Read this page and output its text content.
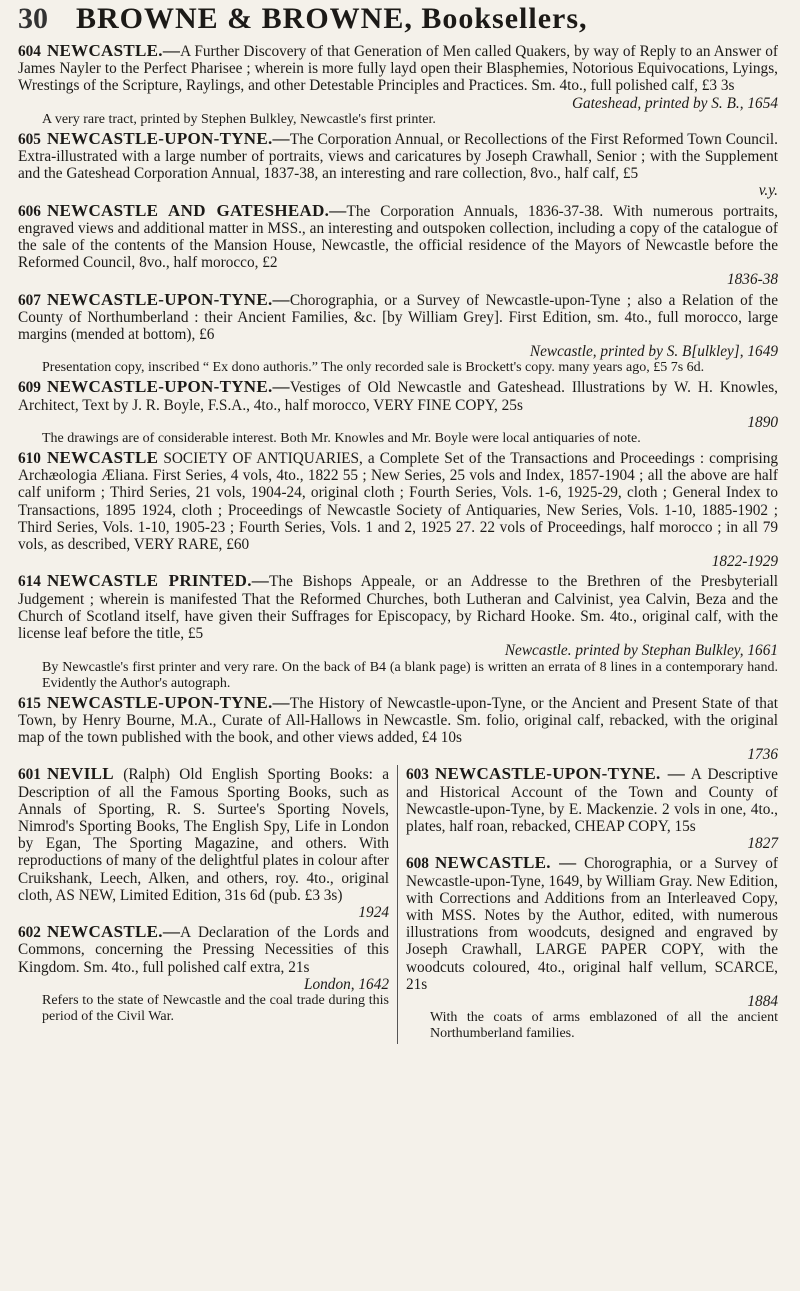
30 BROWNE & BROWNE, Booksellers,
604 NEWCASTLE.—A Further Discovery of that Generation of Men called Quakers, by way of Reply to an Answer of James Nayler to the Perfect Pharisee ; wherein is more fully layd open their Blasphemies, Notorious Equivocations, Lyings, Wrestings of the Scripture, Raylings, and other Detestable Principles and Practices. Sm. 4to., full polished calf, £3 3s
Gateshead, printed by S. B., 1654
A very rare tract, printed by Stephen Bulkley, Newcastle's first printer.
605 NEWCASTLE-UPON-TYNE.—The Corporation Annual, or Recollections of the First Reformed Town Council. Extra-illustrated with a large number of portraits, views and caricatures by Joseph Crawhall, Senior ; with the Supplement and the Gateshead Corporation Annual, 1837-38, an interesting and rare collection, 8vo., half calf, £5
v.y.
606 NEWCASTLE AND GATESHEAD.—The Corporation Annuals, 1836-37-38. With numerous portraits, engraved views and additional matter in MSS., an interesting and outspoken collection, including a copy of the catalogue of the sale of the contents of the Mansion House, Newcastle, the official residence of the Mayors of Newcastle before the Reformed Council, 8vo., half morocco, £2
1836-38
607 NEWCASTLE-UPON-TYNE.—Chorographia, or a Survey of Newcastle-upon-Tyne ; also a Relation of the County of Northumberland : their Ancient Families, &c. [by William Grey]. First Edition, sm. 4to., full morocco, large margins (mended at bottom), £6
Newcastle, printed by S. B[ulkley], 1649
Presentation copy, inscribed “ Ex dono authoris.” The only recorded sale is Brockett's copy. many years ago, £5 7s 6d.
609 NEWCASTLE-UPON-TYNE.—Vestiges of Old Newcastle and Gateshead. Illustrations by W. H. Knowles, Architect, Text by J. R. Boyle, F.S.A., 4to., half morocco, VERY FINE COPY, 25s
1890
The drawings are of considerable interest. Both Mr. Knowles and Mr. Boyle were local antiquaries of note.
610 NEWCASTLE SOCIETY OF ANTIQUARIES, a Complete Set of the Transactions and Proceedings : comprising Archæologia Æliana. First Series, 4 vols, 4to., 1822 55 ; New Series, 25 vols and Index, 1857-1904 ; all the above are half calf uniform ; Third Series, 21 vols, 1904-24, original cloth ; Fourth Series, Vols. 1-6, 1925-29, cloth ; General Index to Transactions, 1895 1924, cloth ; Proceedings of Newcastle Society of Antiquaries, New Series, Vols. 1-10, 1885-1902 ; Third Series, Vols. 1-10, 1905-23 ; Fourth Series, Vols. 1 and 2, 1925 27. 22 vols of Proceedings, half morocco ; in all 79 vols, as described, VERY RARE, £60
1822-1929
614 NEWCASTLE PRINTED.—The Bishops Appeale, or an Addresse to the Brethren of the Presbyteriall Judgement ; wherein is manifested That the Reformed Churches, both Lutheran and Calvinist, yea Calvin, Beza and the Church of Scotland itself, have given their Suffrages for Episcopacy, by Richard Hooke. Sm. 4to., original calf, with the license leaf before the title, £5
Newcastle. printed by Stephan Bulkley, 1661
By Newcastle's first printer and very rare. On the back of B4 (a blank page) is written an errata of 8 lines in a contemporary hand. Evidently the Author's autograph.
615 NEWCASTLE-UPON-TYNE.—The History of Newcastle-upon-Tyne, or the Ancient and Present State of that Town, by Henry Bourne, M.A., Curate of All-Hallows in Newcastle. Sm. folio, original calf, rebacked, with the original map of the town published with the book, and other views added, £4 10s
1736
601 NEVILL (Ralph) Old English Sporting Books: a Description of all the Famous Sporting Books, such as Annals of Sporting, R. S. Surtee's Sporting Novels, Nimrod's Sporting Books, The English Spy, Life in London by Egan, The Sporting Magazine, and others. With reproductions of many of the delightful plates in colour after Cruikshank, Leech, Alken, and others, roy. 4to., original cloth, AS NEW, Limited Edition, 31s 6d (pub. £3 3s)
1924
602 NEWCASTLE.—A Declaration of the Lords and Commons, concerning the Pressing Necessities of this Kingdom. Sm. 4to., full polished calf extra, 21s
London, 1642
Refers to the state of Newcastle and the coal trade during this period of the Civil War.
603 NEWCASTLE-UPON-TYNE. — A Descriptive and Historical Account of the Town and County of Newcastle-upon-Tyne, by E. Mackenzie. 2 vols in one, 4to., plates, half roan, rebacked, CHEAP COPY, 15s
1827
608 NEWCASTLE. — Chorographia, or a Survey of Newcastle-upon-Tyne, 1649, by William Gray. New Edition, with Corrections and Additions from an Interleaved Copy, with MSS. Notes by the Author, edited, with numerous illustrations from woodcuts, designed and engraved by Joseph Crawhall, LARGE PAPER COPY, with the woodcuts coloured, 4to., original half vellum, SCARCE, 21s
1884
With the coats of arms emblazoned of all the ancient Northumberland families.
